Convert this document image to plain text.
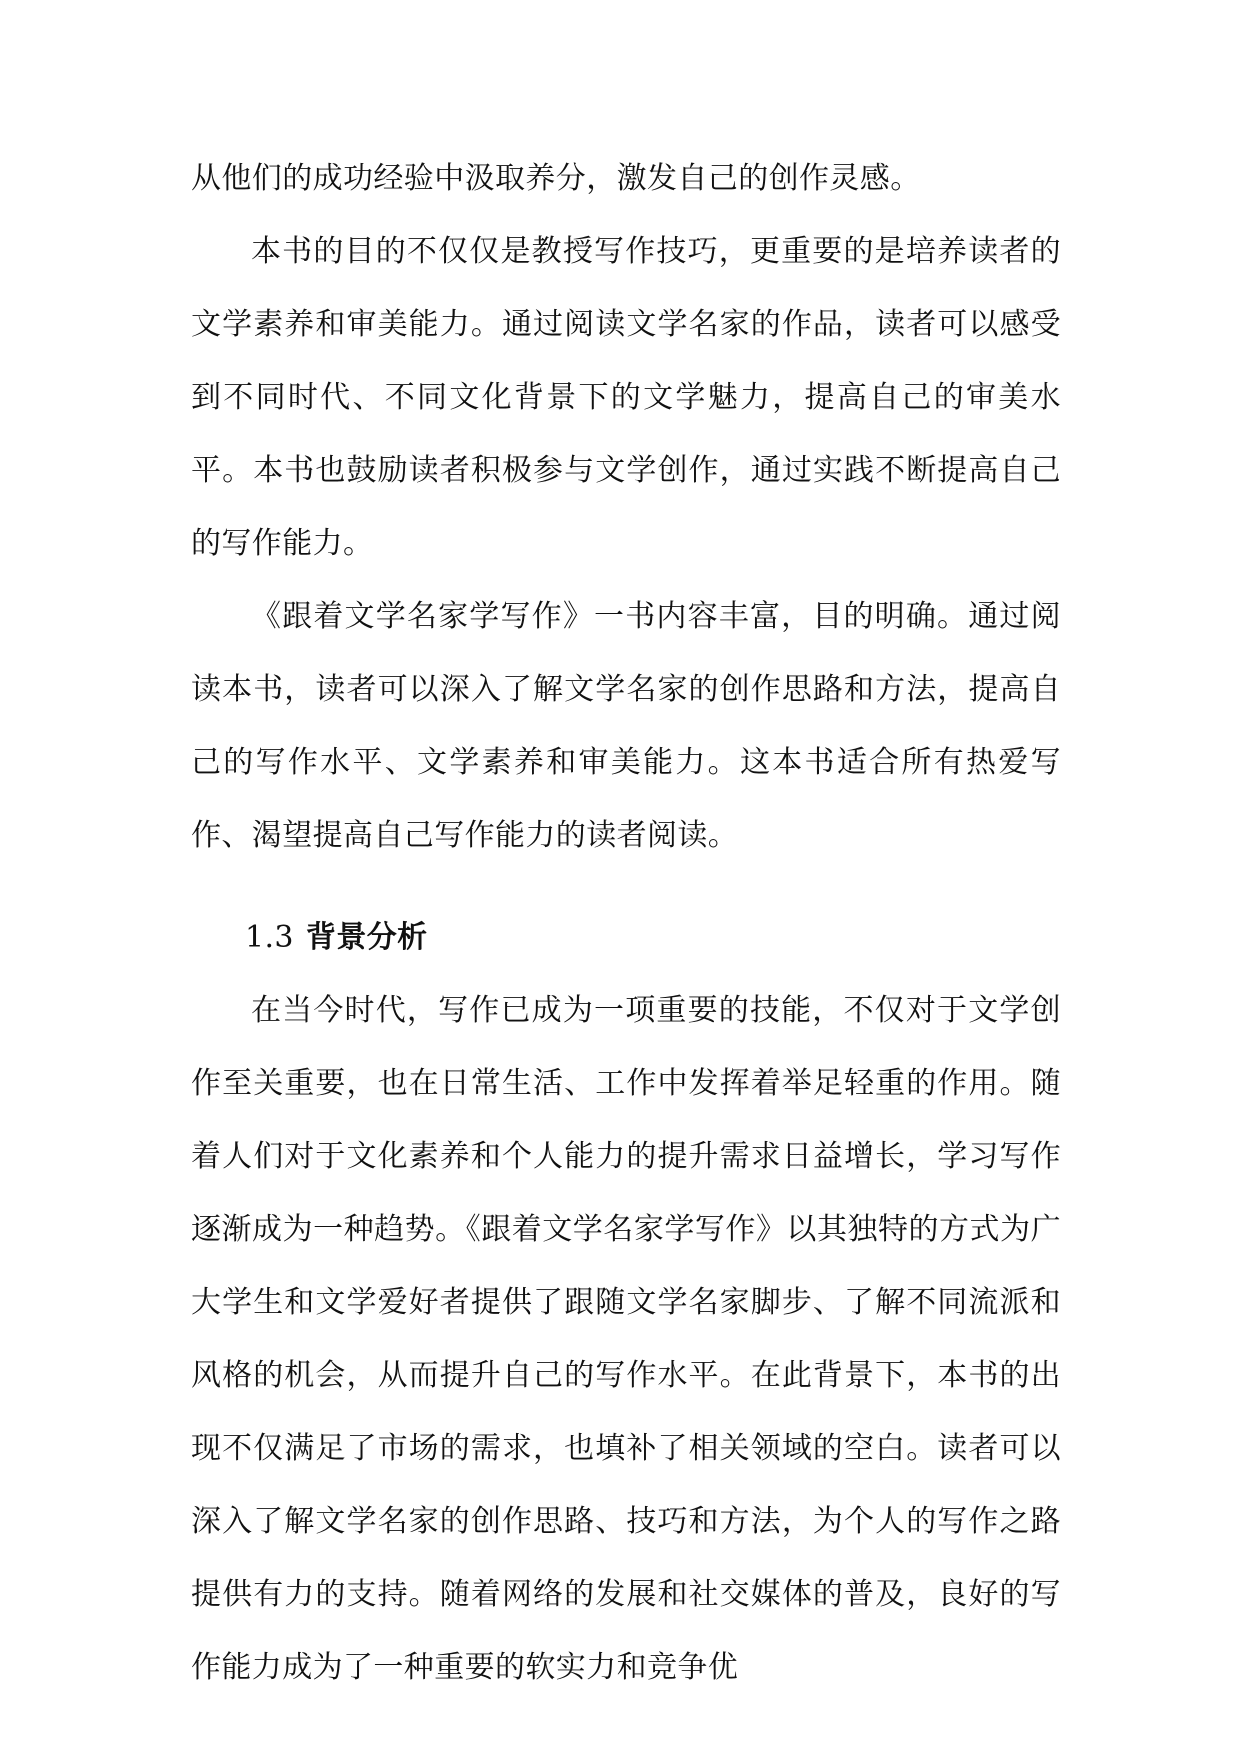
从他们的成功经验中汲取养分，激发自己的创作灵感。

本书的目的不仅仅是教授写作技巧，更重要的是培养读者的文学素养和审美能力。通过阅读文学名家的作品，读者可以感受到不同时代、不同文化背景下的文学魅力，提高自己的审美水平。本书也鼓励读者积极参与文学创作，通过实践不断提高自己的写作能力。

《跟着文学名家学写作》一书内容丰富，目的明确。通过阅读本书，读者可以深入了解文学名家的创作思路和方法，提高自己的写作水平、文学素养和审美能力。这本书适合所有热爱写作、渴望提高自己写作能力的读者阅读。

1.3 背景分析

在当今时代，写作已成为一项重要的技能，不仅对于文学创作至关重要，也在日常生活、工作中发挥着举足轻重的作用。随着人们对于文化素养和个人能力的提升需求日益增长，学习写作逐渐成为一种趋势。《跟着文学名家学写作》以其独特的方式为广大学生和文学爱好者提供了跟随文学名家脚步、了解不同流派和风格的机会，从而提升自己的写作水平。在此背景下，本书的出现不仅满足了市场的需求，也填补了相关领域的空白。读者可以深入了解文学名家的创作思路、技巧和方法，为个人的写作之路提供有力的支持。随着网络的发展和社交媒体的普及，良好的写作能力成为了一种重要的软实力和竞争优
